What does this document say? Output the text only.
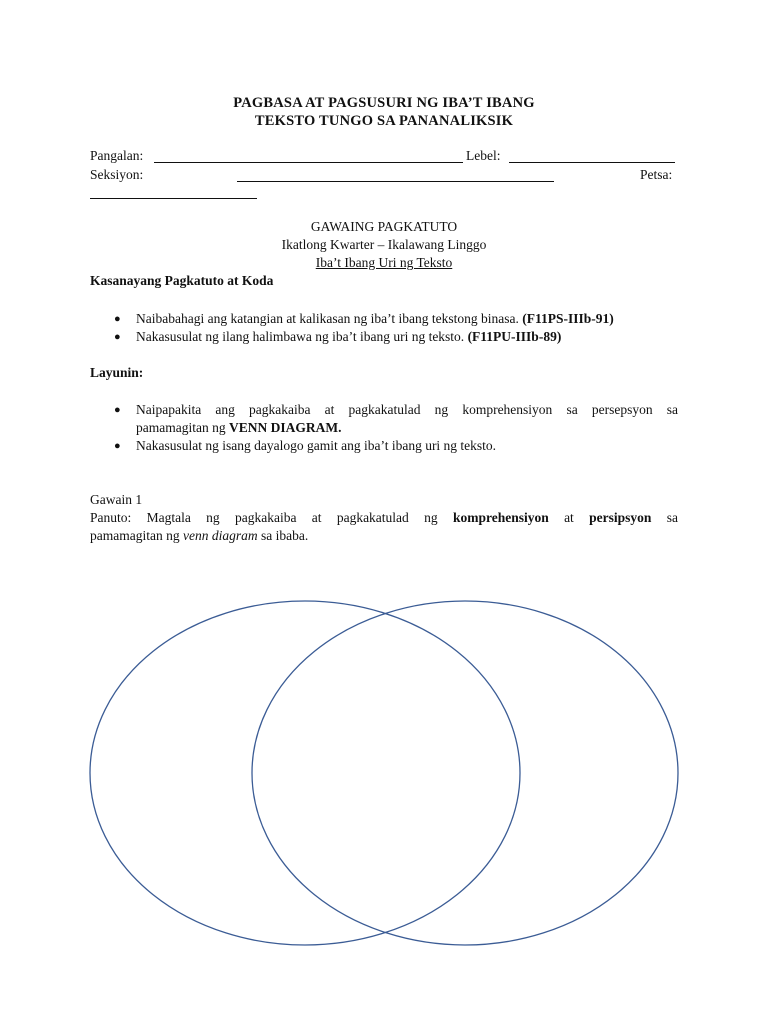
PAGBASA AT PAGSUSURI NG IBA’T IBANG
TEKSTO TUNGO SA PANANALIKSIK
Pangalan:	Lebel:
Seksiyon:	Petsa:
GAWAING PAGKATUTO
Ikatlong Kwarter – Ikalawang Linggo
Iba’t Ibang Uri ng Teksto
Kasanayang Pagkatuto at Koda
● Naibabahagi ang katangian at kalikasan ng iba’t ibang tekstong binasa. (F11PS-IIIb-91)
● Nakasusulat ng ilang halimbawa ng iba’t ibang uri ng teksto. (F11PU-IIIb-89)
Layunin:
● Naipapakita ang pagkakaiba at pagkakatulad ng komprehensiyon sa persepsyon sa
pamamagitan ng VENN DIAGRAM.
● Nakasusulat ng isang dayalogo gamit ang iba’t ibang uri ng teksto.
Gawain 1
Panuto: Magtala ng pagkakaiba at pagkakatulad ng komprehensiyon at persipsyon sa
pamamagitan ng venn diagram sa ibaba.
